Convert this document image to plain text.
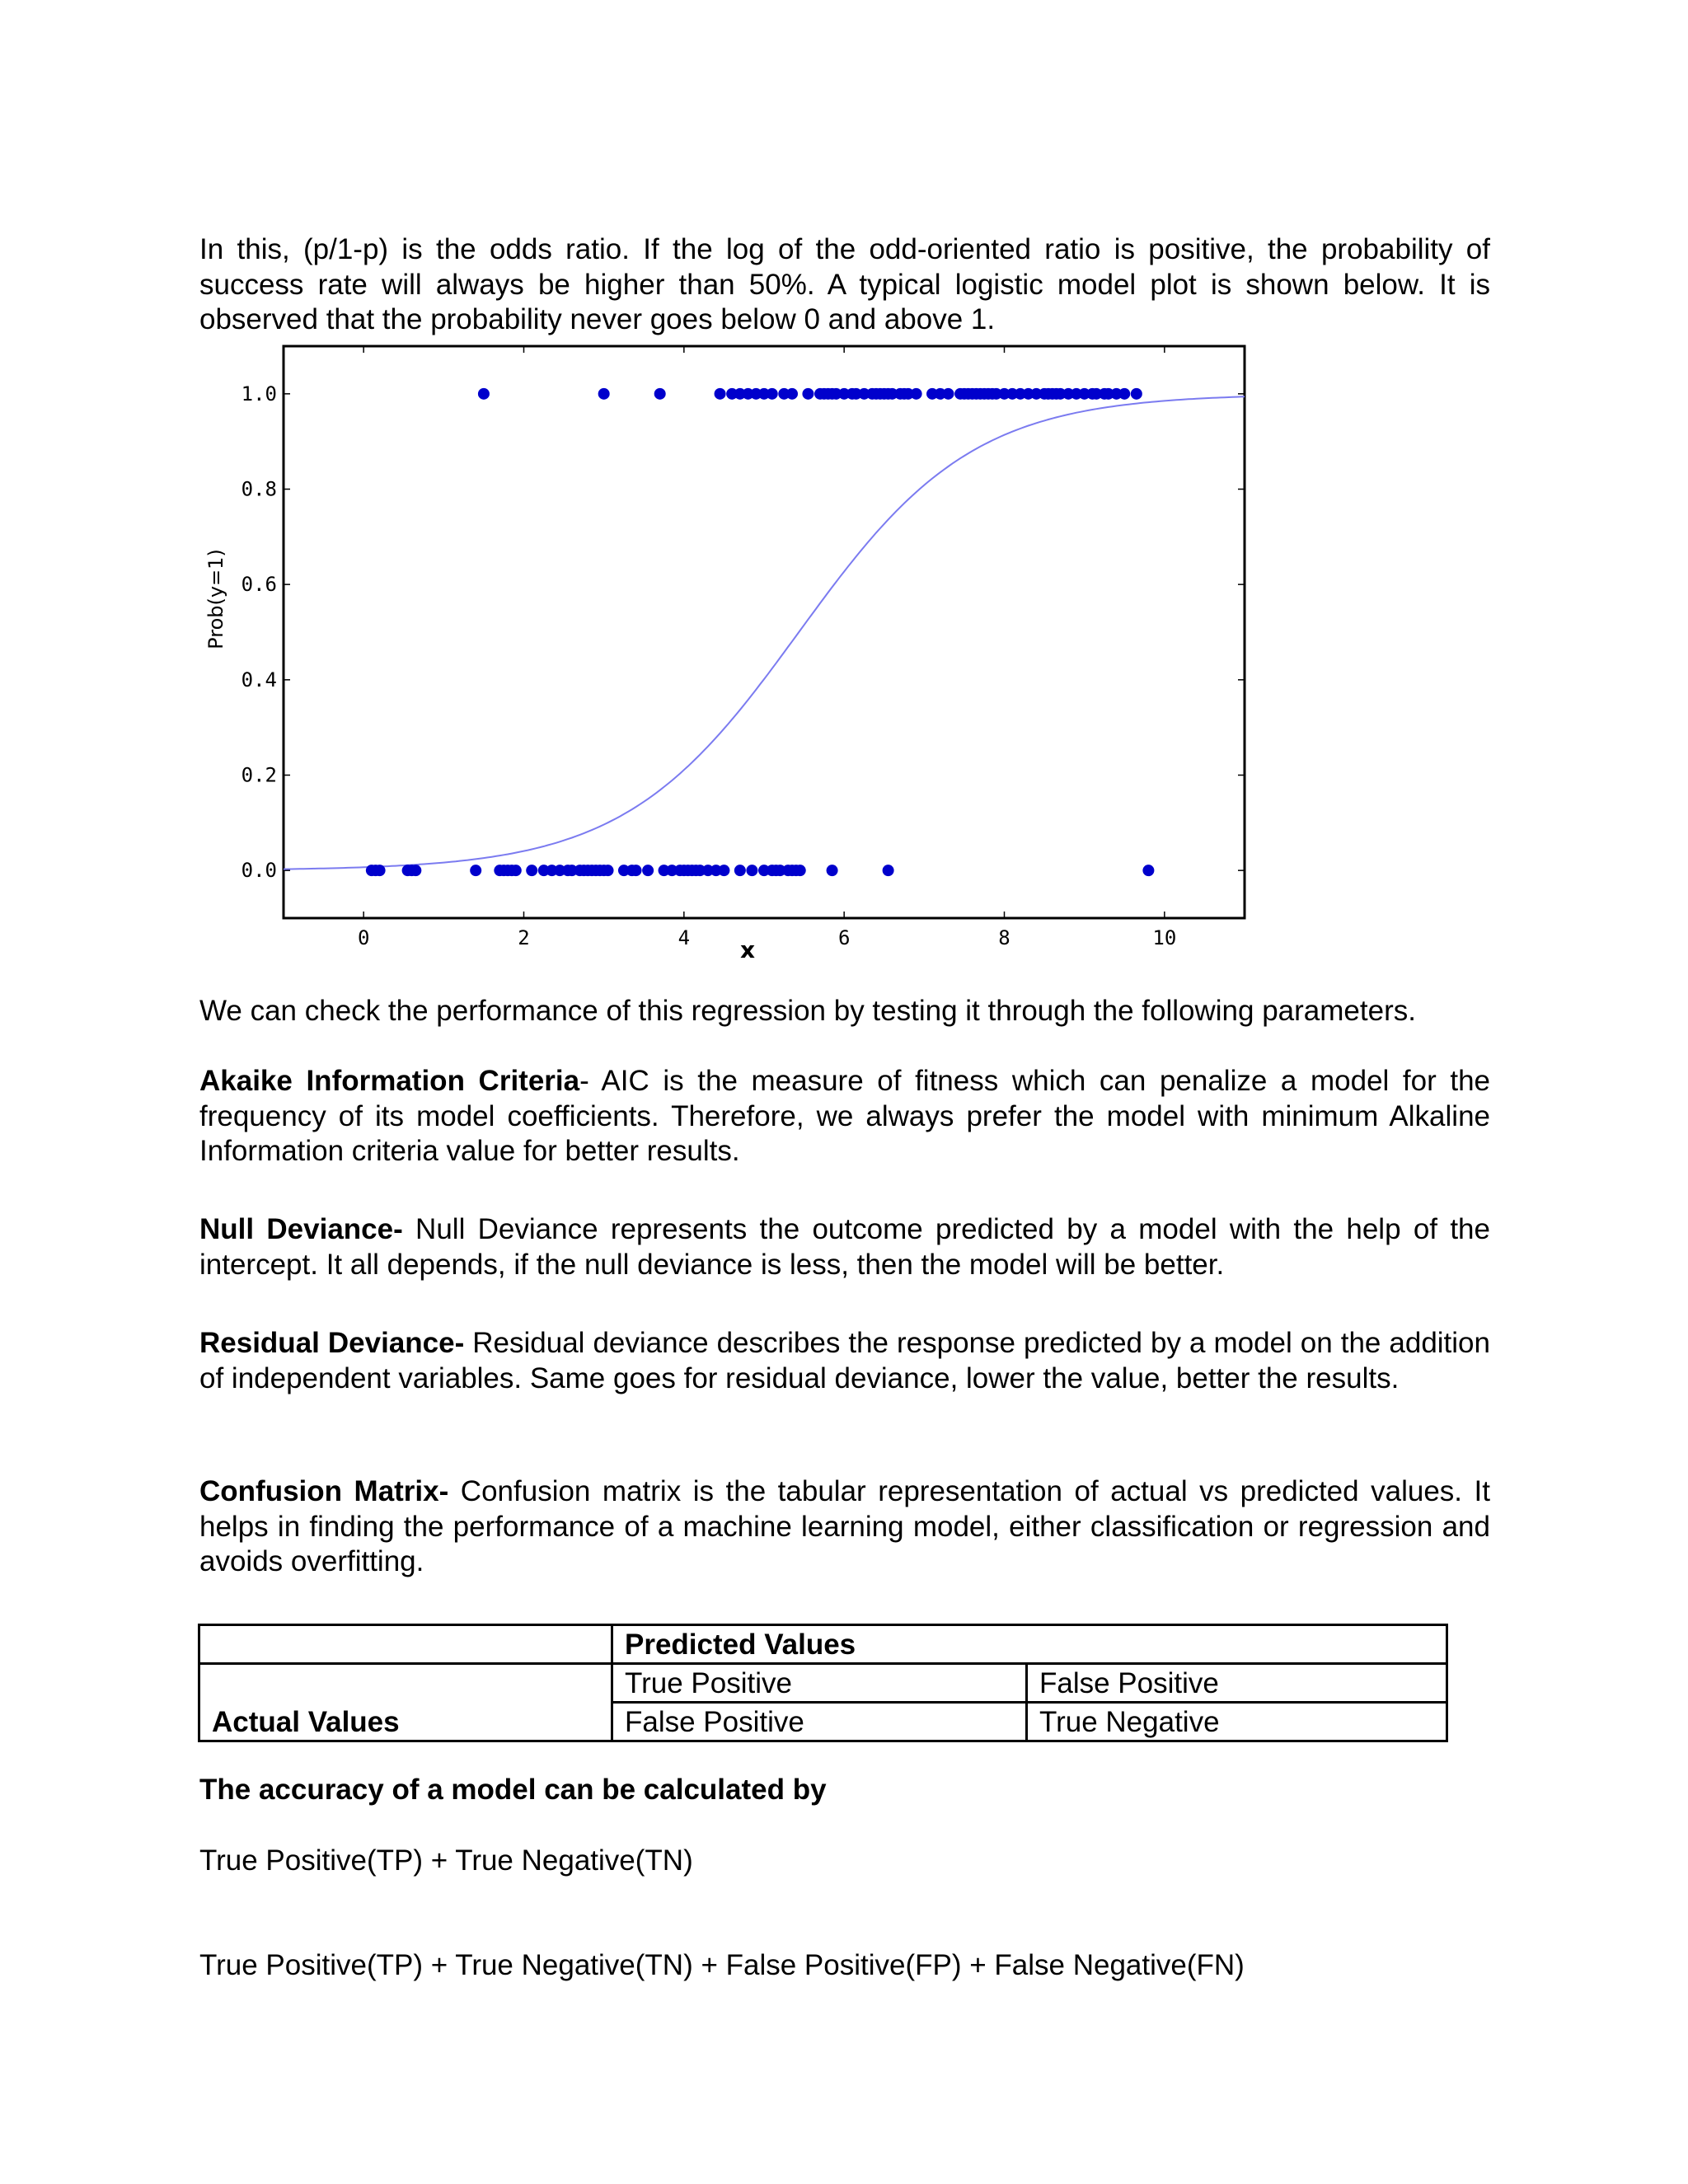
In this, (p/1-p) is the odds ratio. If the log of the odd-oriented ratio is positive, the probability of success rate will always be higher than 50%. A typical logistic model plot is shown below. It is observed that the probability never goes below 0 and above 1.

0	2	4	6	8	10
0.0
0.2
0.4
0.6
0.8
1.0
x
Prob(y=1)

We can check the performance of this regression by testing it through the following parameters.

Akaike Information Criteria- AIC is the measure of fitness which can penalize a model for the frequency of its model coefficients. Therefore, we always prefer the model with minimum Alkaline Information criteria value for better results.

Null Deviance- Null Deviance represents the outcome predicted by a model with the help of the intercept. It all depends, if the null deviance is less, then the model will be better.

Residual Deviance- Residual deviance describes the response predicted by a model on the addition of independent variables. Same goes for residual deviance, lower the value, better the results.

Confusion Matrix- Confusion matrix is the tabular representation of actual vs predicted values. It helps in finding the performance of a machine learning model, either classification or regression and avoids overfitting.

	Predicted Values	
Actual Values	True Positive	False Positive
	False Positive	True Negative

The accuracy of a model can be calculated by

True Positive(TP) + True Negative(TN)

True Positive(TP) + True Negative(TN) + False Positive(FP) + False Negative(FN)
